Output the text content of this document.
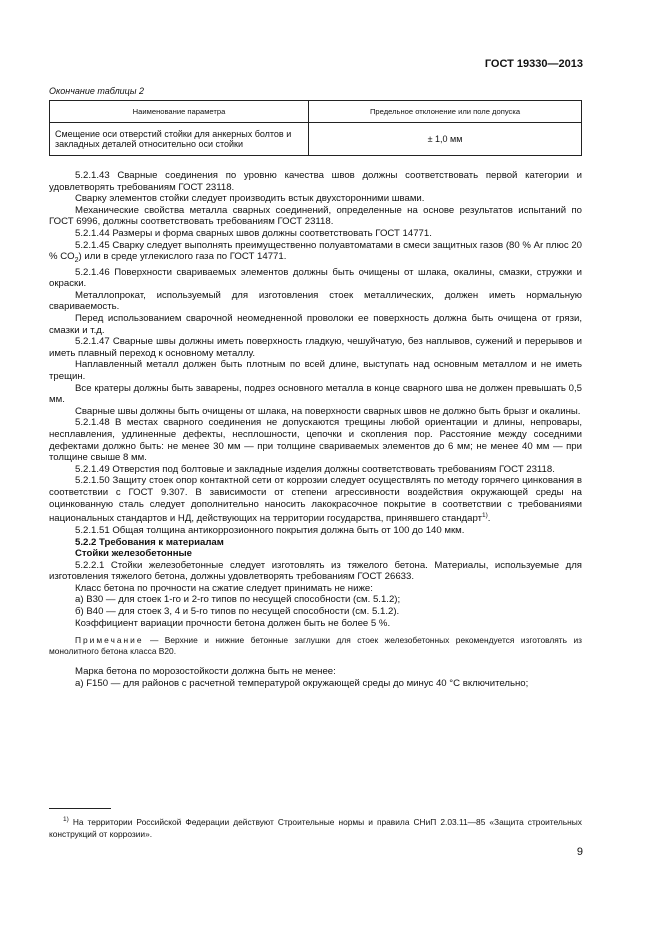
ГОСТ 19330—2013
Окончание таблицы 2
Наименование параметра	Предельное отклонение или поле допуска
Смещение оси отверстий стойки для анкерных болтов и закладных деталей относительно оси стойки	± 1,0 мм

5.2.1.43 Сварные соединения по уровню качества швов должны соответствовать первой категории и удовлетворять требованиям ГОСТ 23118.

Сварку элементов стойки следует производить встык двухсторонними швами.

Механические свойства металла сварных соединений, определенные на основе результатов испытаний по ГОСТ 6996, должны соответствовать требованиям ГОСТ 23118.

5.2.1.44 Размеры и форма сварных швов должны соответствовать ГОСТ 14771.

5.2.1.45 Сварку следует выполнять преимущественно полуавтоматами в смеси защитных газов (80 % Ar плюс 20 % $CO_2$) или в среде углекислого газа по ГОСТ 14771.

5.2.1.46 Поверхности свариваемых элементов должны быть очищены от шлака, окалины, смазки, стружки и окраски.

Металлопрокат, используемый для изготовления стоек металлических, должен иметь нормальную свариваемость.

Перед использованием сварочной неомедненной проволоки ее поверхность должна быть очищена от грязи, смазки и т.д.

5.2.1.47 Сварные швы должны иметь поверхность гладкую, чешуйчатую, без наплывов, сужений и перерывов и иметь плавный переход к основному металлу.

Наплавленный металл должен быть плотным по всей длине, выступать над основным металлом и не иметь трещин.

Все кратеры должны быть заварены, подрез основного металла в конце сварного шва не должен превышать 0,5 мм.

Сварные швы должны быть очищены от шлака, на поверхности сварных швов не должно быть брызг и окалины.

5.2.1.48 В местах сварного соединения не допускаются трещины любой ориентации и длины, непровары, несплавления, удлиненные дефекты, несплошности, цепочки и скопления пор. Расстояние между соседними дефектами должно быть: не менее 30 мм — при толщине свариваемых элементов до 6 мм; не менее 40 мм — при толщине свыше 8 мм.

5.2.1.49 Отверстия под болтовые и закладные изделия должны соответствовать требованиям ГОСТ 23118.

5.2.1.50 Защиту стоек опор контактной сети от коррозии следует осуществлять по методу горячего цинкования в соответствии с ГОСТ 9.307. В зависимости от степени агрессивности воздействия окружающей среды на оцинкованную сталь следует дополнительно наносить лакокрасочное покрытие в соответствии с требованиями национальных стандартов и НД, действующих на территории государства, принявшего стандарт$^{1)}$.

5.2.1.51 Общая толщина антикоррозионного покрытия должна быть от 100 до 140 мкм.

5.2.2 Требования к материалам

Стойки железобетонные

5.2.2.1 Стойки железобетонные следует изготовлять из тяжелого бетона. Материалы, используемые для изготовления тяжелого бетона, должны удовлетворять требованиям ГОСТ 26633.

Класс бетона по прочности на сжатие следует принимать не ниже:

а) В30 — для стоек 1-го и 2-го типов по несущей способности (см. 5.1.2);

б) В40 — для стоек 3, 4 и 5-го типов по несущей способности (см. 5.1.2).

Коэффициент вариации прочности бетона должен быть не более 5 %.

Примечание — Верхние и нижние бетонные заглушки для стоек железобетонных рекомендуется изготовлять из монолитного бетона класса В20.

Марка бетона по морозостойкости должна быть не менее:

а) F150 — для районов с расчетной температурой окружающей среды до минус 40 °С включительно;

$^{1)}$ На территории Российской Федерации действуют Строительные нормы и правила СНиП 2.03.11—85 «Защита строительных конструкций от коррозии».
9
